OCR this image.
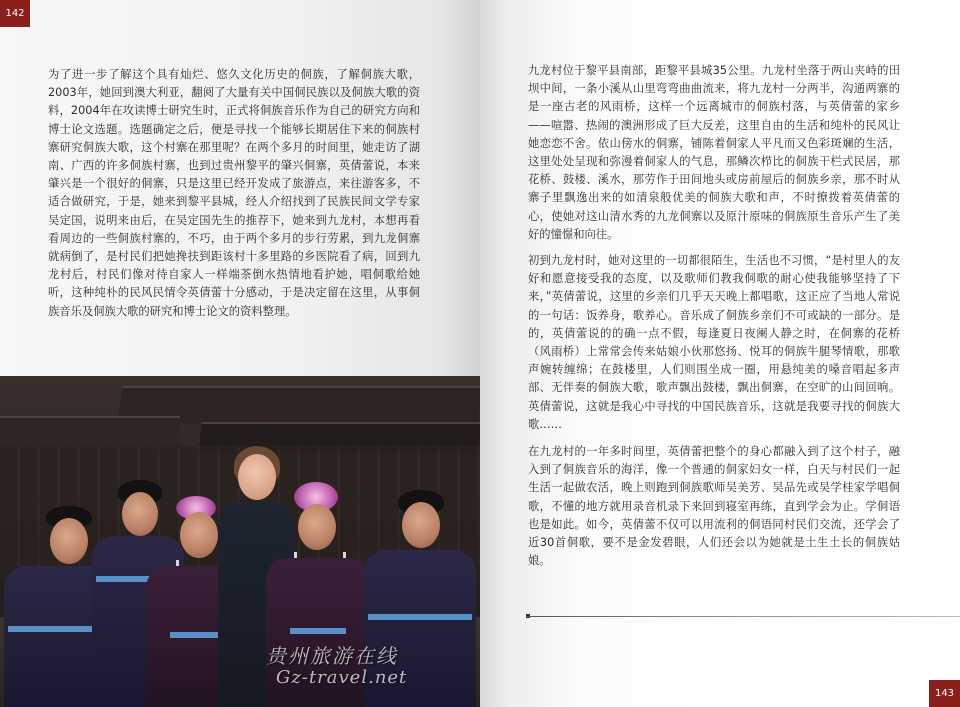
142

为了进一步了解这个具有灿烂、悠久文化历史的侗族，了解侗族大歌，2003年，她回到澳大利亚，翻阅了大量有关中国侗民族以及侗族大歌的资料，2004年在攻读博士研究生时，正式将侗族音乐作为自己的研究方向和博士论文选题。选题确定之后，便是寻找一个能够长期居住下来的侗族村寨研究侗族大歌，这个村寨在那里呢？在两个多月的时间里，她走访了湖南、广西的许多侗族村寨，也到过贵州黎平的肇兴侗寨，英倩蕾说，本来肇兴是一个很好的侗寨，只是这里已经开发成了旅游点，来往游客多，不适合做研究，于是，她来到黎平县城，经人介绍找到了民族民间文学专家吴定国，说明来由后，在吴定国先生的推荐下，她来到九龙村，本想再看看周边的一些侗族村寨的，不巧，由于两个多月的步行劳累，到九龙侗寨就病倒了，是村民们把她搀扶到距该村十多里路的乡医院看了病，回到九龙村后，村民们像对待自家人一样端茶倒水热情地看护她，唱侗歌给她听，这种纯朴的民风民情令英倩蕾十分感动，于是决定留在这里，从事侗族音乐及侗族大歌的研究和博士论文的资料整理。

贵州旅游在线
Gz-travel.net

九龙村位于黎平县南部，距黎平县城35公里。九龙村坐落于两山夹峙的田坝中间，一条小溪从山里弯弯曲曲流来，将九龙村一分两半，沟通两寨的是一座古老的风雨桥，这样一个远离城市的侗族村落，与英倩蕾的家乡——喧嚣、热闹的澳洲形成了巨大反差，这里自由的生活和纯朴的民风让她恋恋不舍。依山傍水的侗寨，铺陈着侗家人平凡而又色彩斑斓的生活，这里处处呈现和弥漫着侗家人的气息，那鳞次栉比的侗族干栏式民居，那花桥、鼓楼、溪水，那劳作于田间地头或房前屋后的侗族乡亲，那不时从寨子里飘逸出来的如清泉般优美的侗族大歌和声，不时撩拨着英倩蕾的心，使她对这山清水秀的九龙侗寨以及原汁原味的侗族原生音乐产生了美好的憧憬和向往。

初到九龙村时，她对这里的一切都很陌生，生活也不习惯，“是村里人的友好和愿意接受我的态度，以及歌师们教我侗歌的耐心使我能够坚持了下来，”英倩蕾说，这里的乡亲们几乎天天晚上都唱歌，这正应了当地人常说的一句话：饭养身，歌养心。音乐成了侗族乡亲们不可或缺的一部分。是的，英倩蕾说的的确一点不假，每逢夏日夜阑人静之时，在侗寨的花桥（风雨桥）上常常会传来姑娘小伙那悠扬、悦耳的侗族牛腿琴情歌，那歌声婉转缠绵；在鼓楼里，人们则围坐成一圈，用悬纯美的嗓音唱起多声部、无伴奏的侗族大歌，歌声飘出鼓楼，飘出侗寨，在空旷的山间回响。英倩蕾说，这就是我心中寻找的中国民族音乐，这就是我要寻找的侗族大歌……

在九龙村的一年多时间里，英倩蕾把整个的身心都融入到了这个村子，融入到了侗族音乐的海洋，像一个普通的侗家妇女一样，白天与村民们一起生活一起做农活，晚上则跑到侗族歌师吴美芳、吴品先或吴学桂家学唱侗歌，不懂的地方就用录音机录下来回到寝室再练，直到学会为止。学侗语也是如此。如今，英倩蕾不仅可以用流利的侗语同村民们交流，还学会了近30首侗歌，要不是金发碧眼，人们还会以为她就是土生土长的侗族姑娘。

143
